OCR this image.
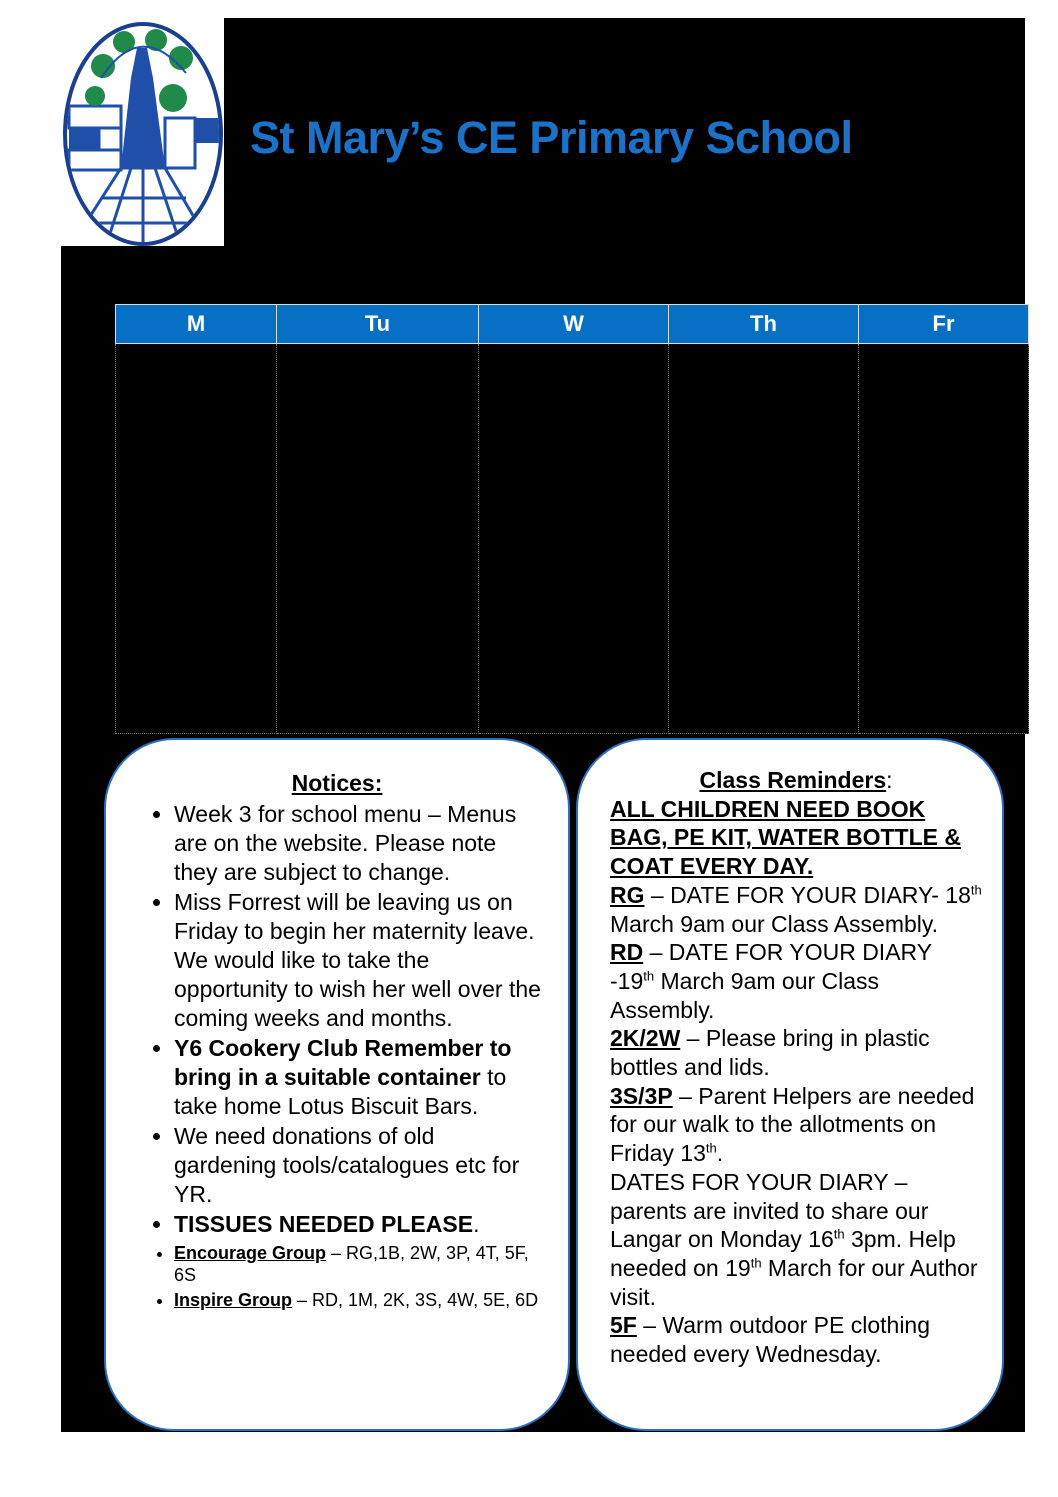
St Mary’s CE Primary School
M	Tu	W	Th	Fr

Notices:
• Week 3 for school menu – Menus are on the website. Please note they are subject to change.
• Miss Forrest will be leaving us on Friday to begin her maternity leave. We would like to take the opportunity to wish her well over the coming weeks and months.
• Y6 Cookery Club Remember to bring in a suitable container to take home Lotus Biscuit Bars.
• We need donations of old gardening tools/catalogues etc for YR.
• TISSUES NEEDED PLEASE.
• Encourage Group – RG,1B, 2W, 3P, 4T, 5F, 6S
• Inspire Group – RD, 1M, 2K, 3S, 4W, 5E, 6D
Class Reminders:

ALL CHILDREN NEED BOOK BAG, PE KIT, WATER BOTTLE & COAT EVERY DAY.

RG – DATE FOR YOUR DIARY- 18th March 9am our Class Assembly.

RD – DATE FOR YOUR DIARY -19th March 9am our Class Assembly.

2K/2W – Please bring in plastic bottles and lids.

3S/3P – Parent Helpers are needed for our walk to the allotments on Friday 13th.

DATES FOR YOUR DIARY – parents are invited to share our Langar on Monday 16th 3pm. Help needed on 19th March for our Author visit.

5F – Warm outdoor PE clothing needed every Wednesday.
